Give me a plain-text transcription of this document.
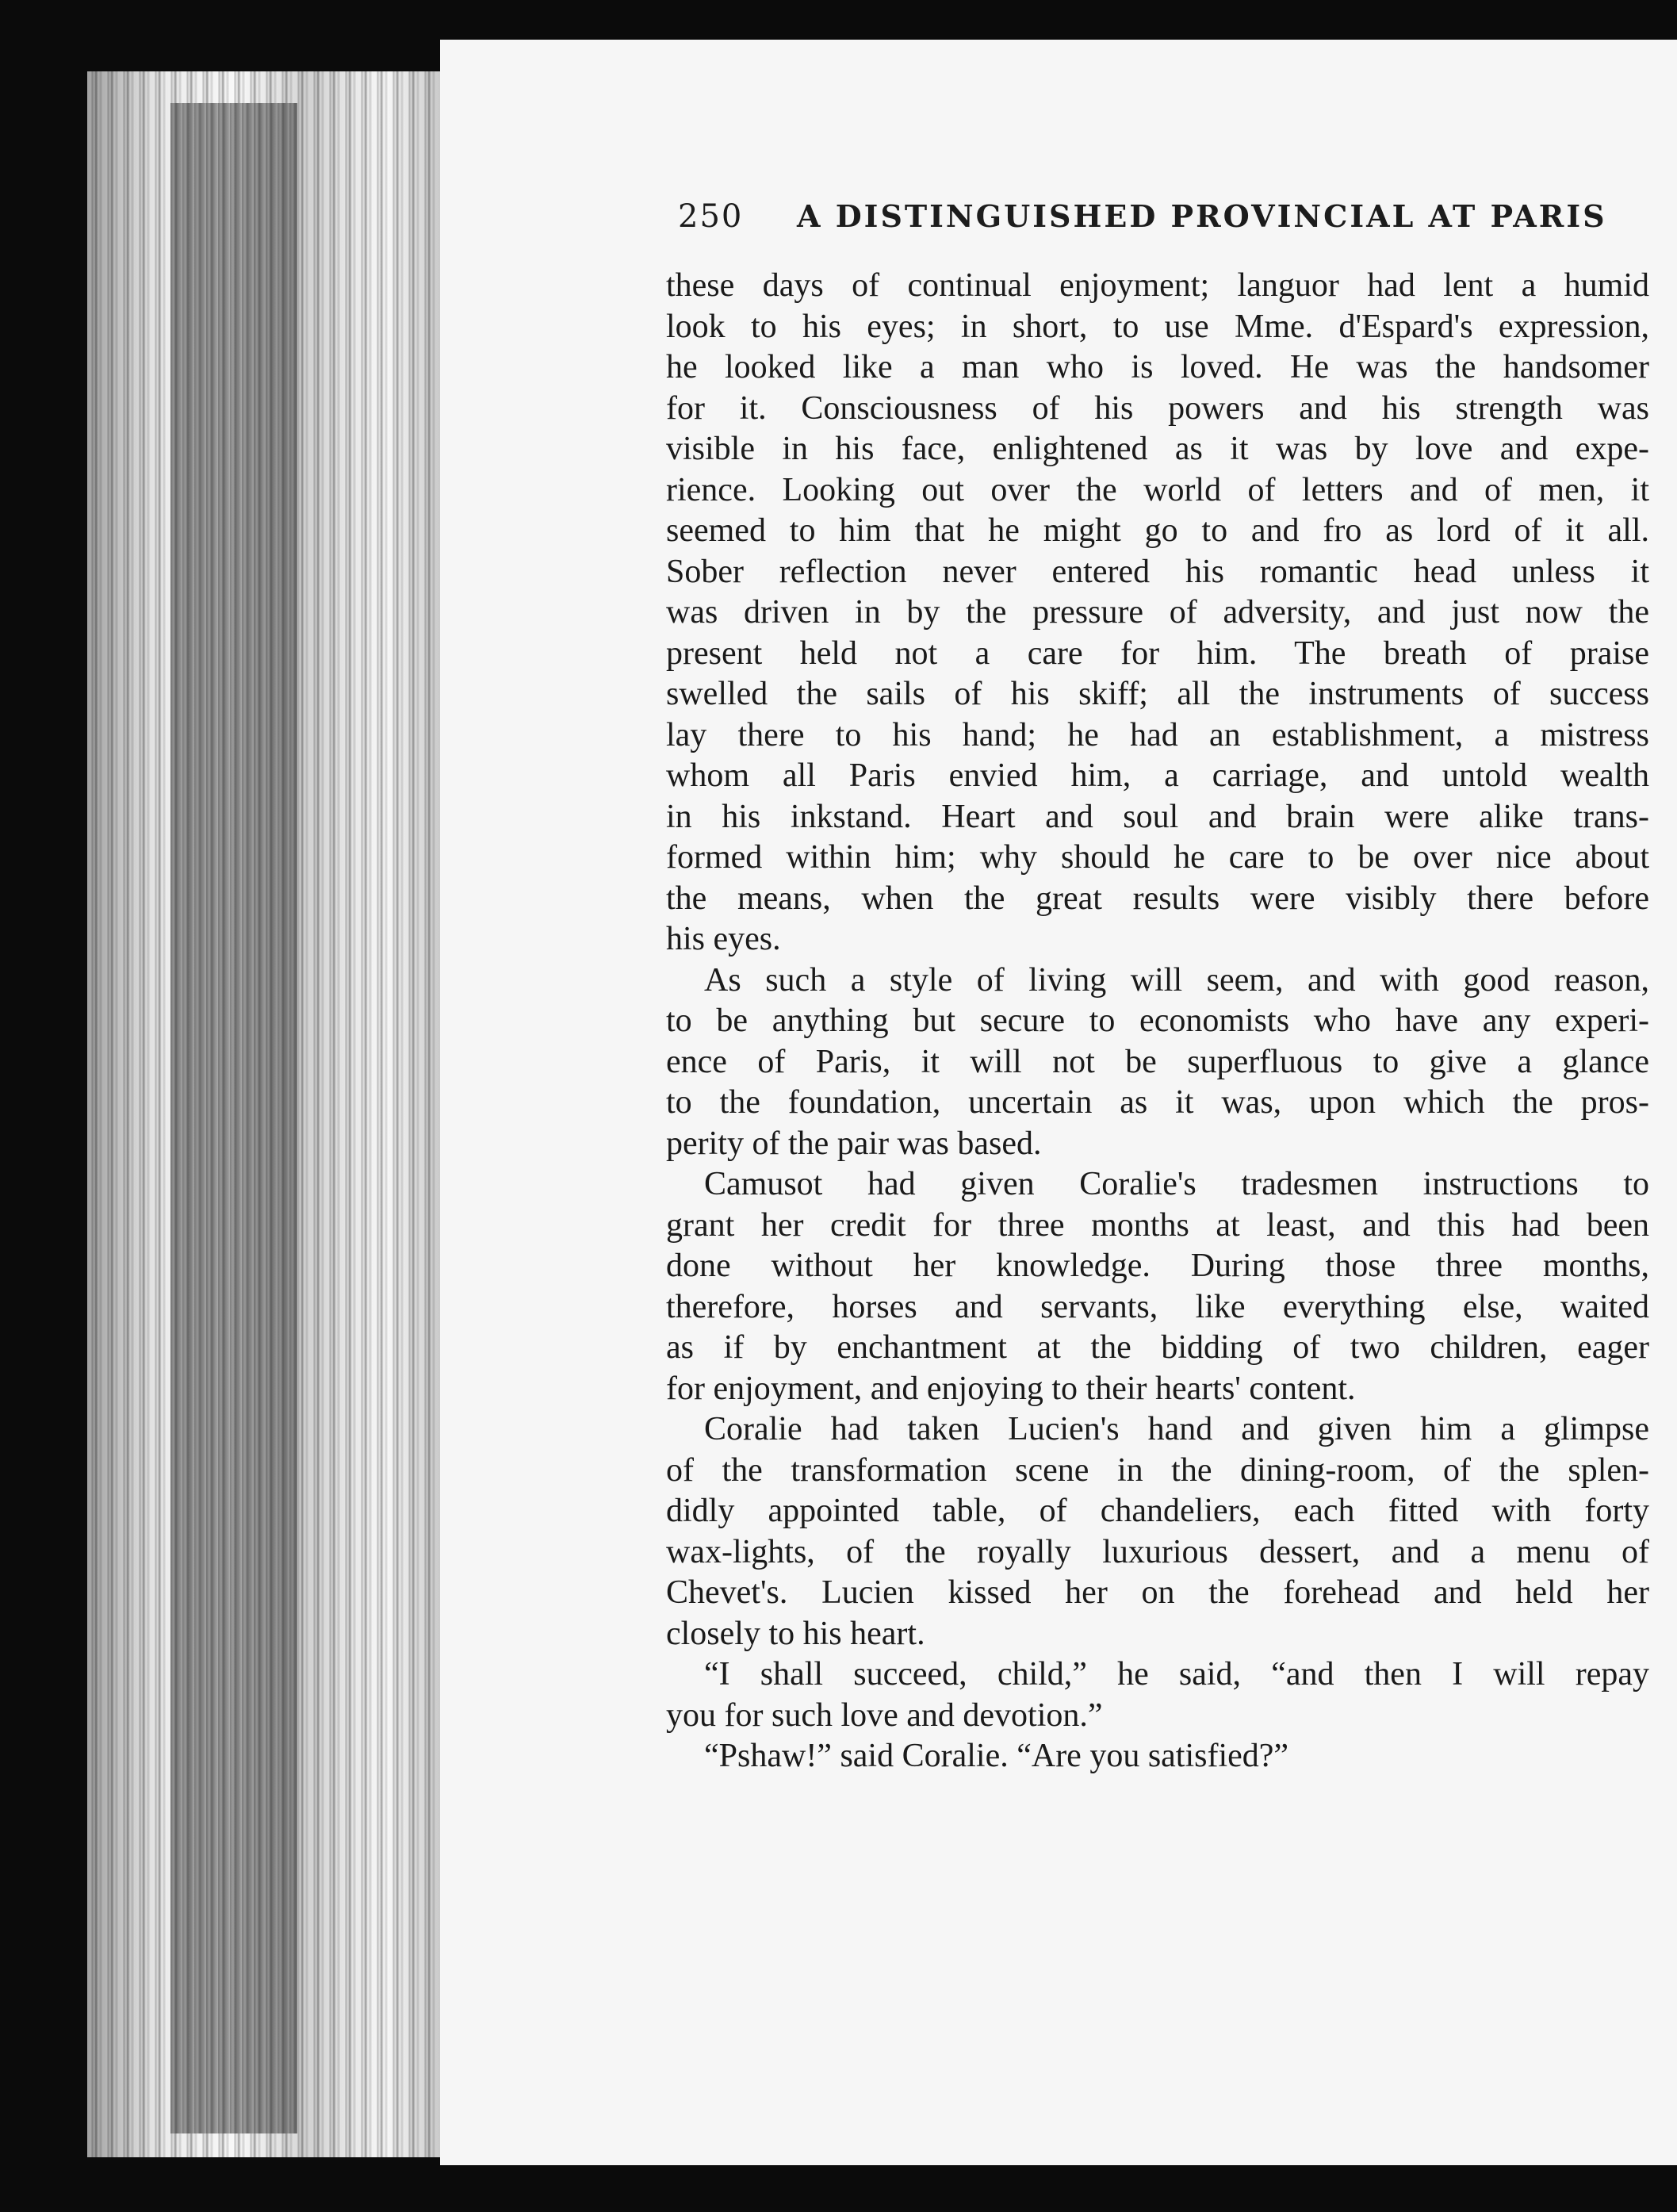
250 A DISTINGUISHED PROVINCIAL AT PARIS

these days of continual enjoyment; languor had lent a humid
look to his eyes; in short, to use Mme. d'Espard's expression,
he looked like a man who is loved. He was the handsomer
for it. Consciousness of his powers and his strength was
visible in his face, enlightened as it was by love and expe-
rience. Looking out over the world of letters and of men, it
seemed to him that he might go to and fro as lord of it all.
Sober reflection never entered his romantic head unless it
was driven in by the pressure of adversity, and just now the
present held not a care for him. The breath of praise
swelled the sails of his skiff; all the instruments of success
lay there to his hand; he had an establishment, a mistress
whom all Paris envied him, a carriage, and untold wealth
in his inkstand. Heart and soul and brain were alike trans-
formed within him; why should he care to be over nice about
the means, when the great results were visibly there before
his eyes.

As such a style of living will seem, and with good reason,
to be anything but secure to economists who have any experi-
ence of Paris, it will not be superfluous to give a glance
to the foundation, uncertain as it was, upon which the pros-
perity of the pair was based.

Camusot had given Coralie's tradesmen instructions to
grant her credit for three months at least, and this had been
done without her knowledge. During those three months,
therefore, horses and servants, like everything else, waited
as if by enchantment at the bidding of two children, eager
for enjoyment, and enjoying to their hearts' content.

Coralie had taken Lucien's hand and given him a glimpse
of the transformation scene in the dining-room, of the splen-
didly appointed table, of chandeliers, each fitted with forty
wax-lights, of the royally luxurious dessert, and a menu of
Chevet's. Lucien kissed her on the forehead and held her
closely to his heart.

“I shall succeed, child,” he said, “and then I will repay
you for such love and devotion.”

“Pshaw!” said Coralie. “Are you satisfied?”
